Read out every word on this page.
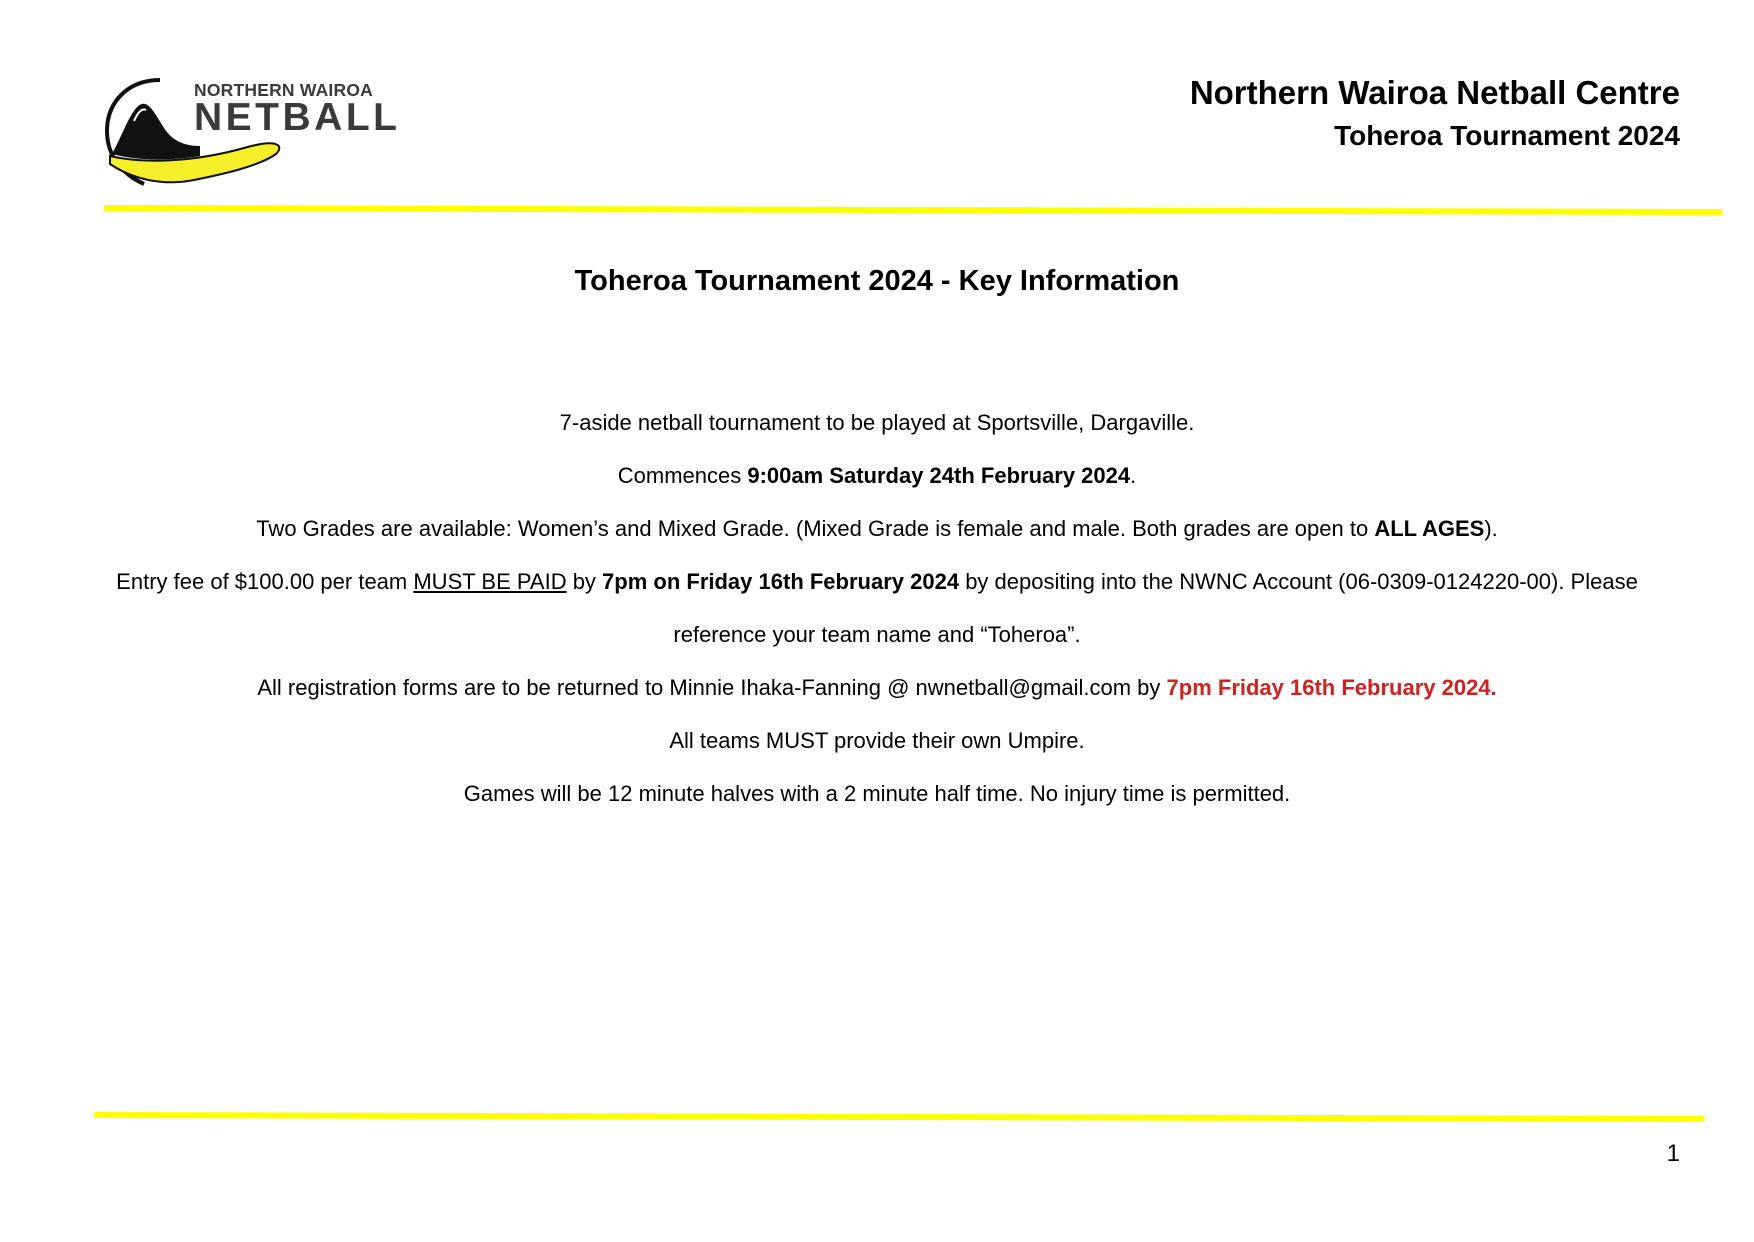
NORTHERN WAIROA
NETBALL
Northern Wairoa Netball Centre
Toheroa Tournament 2024
Toheroa Tournament 2024 - Key Information

7-aside netball tournament to be played at Sportsville, Dargaville.

Commences 9:00am Saturday 24th February 2024.

Two Grades are available: Women’s and Mixed Grade. (Mixed Grade is female and male. Both grades are open to ALL AGES).

Entry fee of $100.00 per team MUST BE PAID by 7pm on Friday 16th February 2024 by depositing into the NWNC Account (06-0309-0124220-00). Please reference your team name and “Toheroa”.

All registration forms are to be returned to Minnie Ihaka-Fanning @ nwnetball@gmail.com by 7pm Friday 16th February 2024.

All teams MUST provide their own Umpire.

Games will be 12 minute halves with a 2 minute half time. No injury time is permitted.

1
